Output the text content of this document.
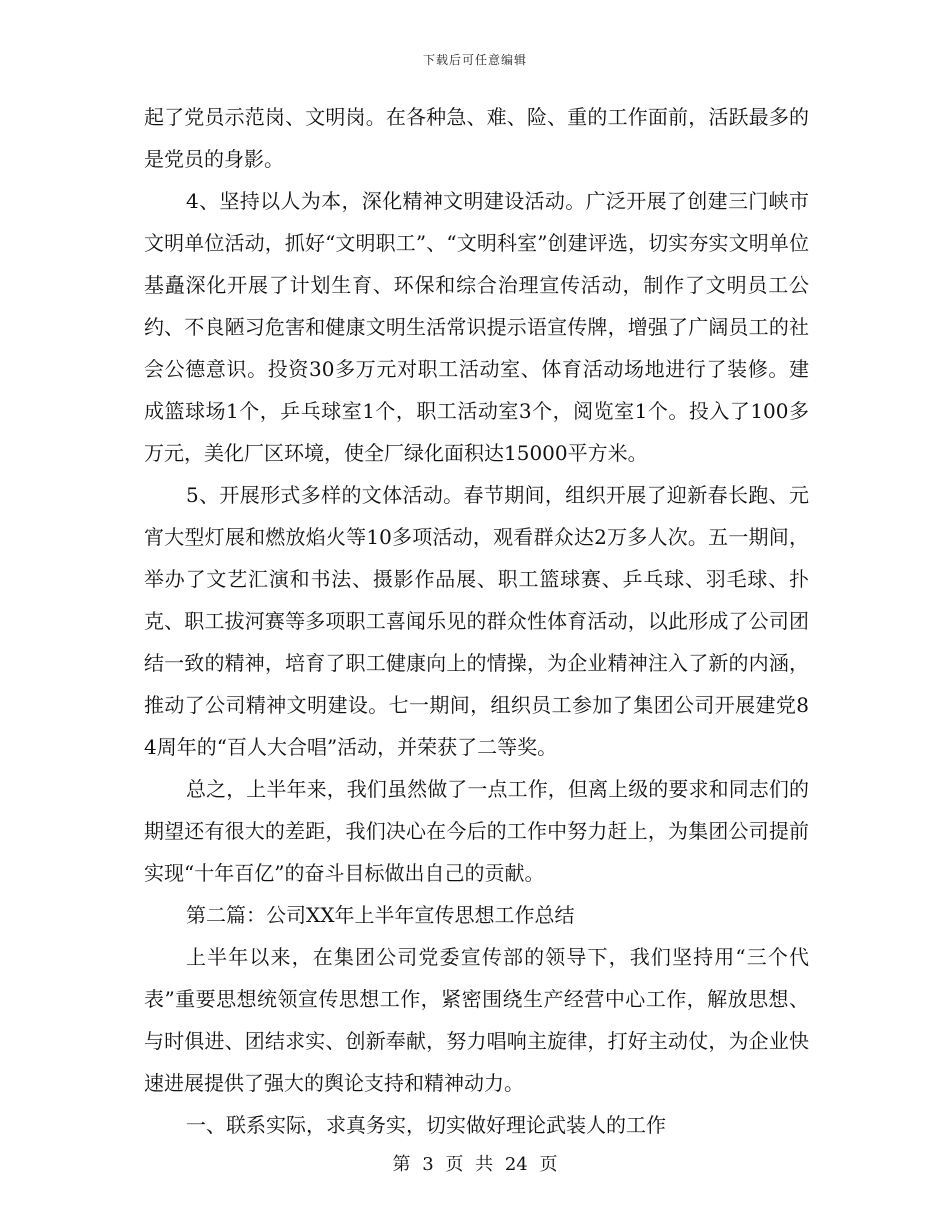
下载后可任意编辑

起了党员示范岗、文明岗。在各种急、难、险、重的工作面前，活跃最多的是党员的身影。

4、坚持以人为本，深化精神文明建设活动。广泛开展了创建三门峡市文明单位活动，抓好“文明职工”、“文明科室”创建评选，切实夯实文明单位基矗深化开展了计划生育、环保和综合治理宣传活动，制作了文明员工公约、不良陋习危害和健康文明生活常识提示语宣传牌，增强了广阔员工的社会公德意识。投资30多万元对职工活动室、体育活动场地进行了装修。建成篮球场1个，乒乓球室1个，职工活动室3个，阅览室1个。投入了100多万元，美化厂区环境，使全厂绿化面积达15000平方米。

5、开展形式多样的文体活动。春节期间，组织开展了迎新春长跑、元宵大型灯展和燃放焰火等10多项活动，观看群众达2万多人次。五一期间，举办了文艺汇演和书法、摄影作品展、职工篮球赛、乒乓球、羽毛球、扑克、职工拔河赛等多项职工喜闻乐见的群众性体育活动，以此形成了公司团结一致的精神，培育了职工健康向上的情操，为企业精神注入了新的内涵，推动了公司精神文明建设。七一期间，组织员工参加了集团公司开展建党84周年的“百人大合唱”活动，并荣获了二等奖。

总之，上半年来，我们虽然做了一点工作，但离上级的要求和同志们的期望还有很大的差距，我们决心在今后的工作中努力赶上，为集团公司提前实现“十年百亿”的奋斗目标做出自己的贡献。

第二篇：公司XX年上半年宣传思想工作总结

上半年以来，在集团公司党委宣传部的领导下，我们坚持用“三个代表”重要思想统领宣传思想工作，紧密围绕生产经营中心工作，解放思想、与时俱进、团结求实、创新奉献，努力唱响主旋律，打好主动仗，为企业快速进展提供了强大的舆论支持和精神动力。

一、联系实际，求真务实，切实做好理论武装人的工作

第 3 页 共 24 页
